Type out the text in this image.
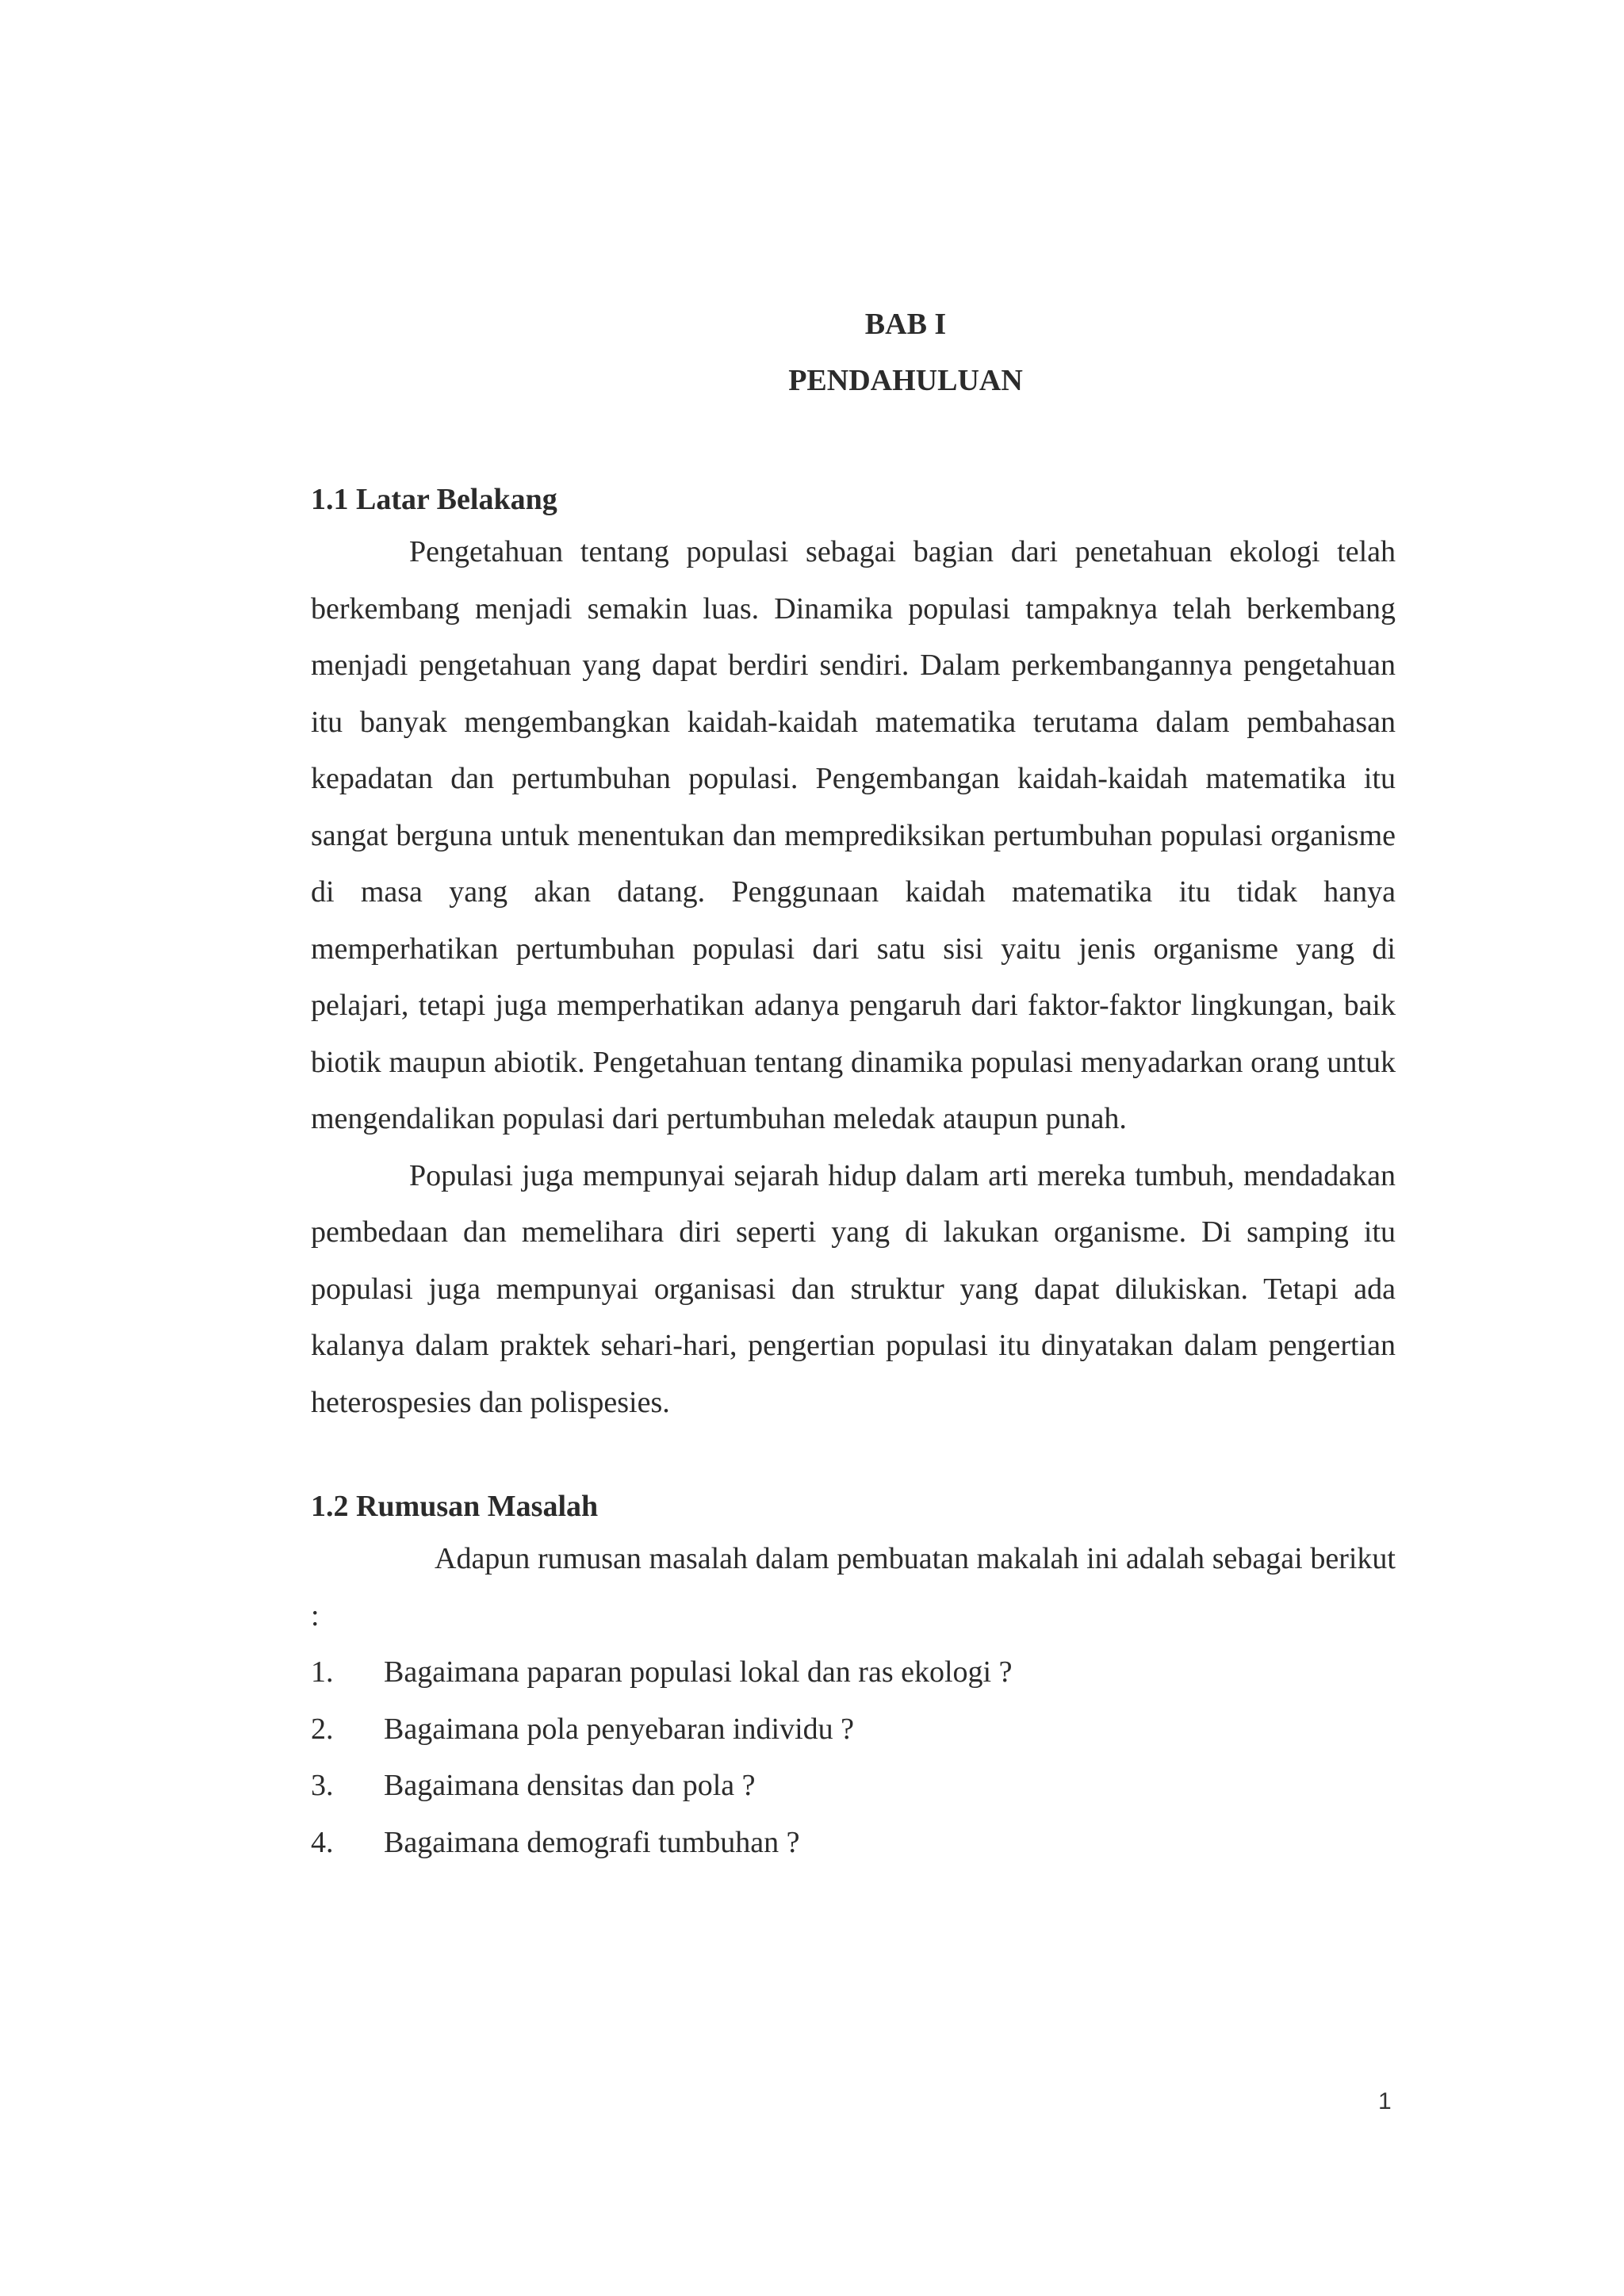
BAB I
PENDAHULUAN
1.1 Latar Belakang

Pengetahuan tentang populasi sebagai bagian dari penetahuan ekologi telah berkembang menjadi semakin luas. Dinamika populasi tampaknya telah berkembang menjadi pengetahuan yang dapat berdiri sendiri. Dalam perkembangannya pengetahuan itu banyak mengembangkan kaidah-kaidah matematika terutama dalam pembahasan kepadatan dan pertumbuhan populasi. Pengembangan kaidah-kaidah matematika itu sangat berguna untuk menentukan dan memprediksikan pertumbuhan populasi organisme di masa yang akan datang. Penggunaan kaidah matematika itu tidak hanya memperhatikan pertumbuhan populasi dari satu sisi yaitu jenis organisme yang di pelajari, tetapi juga memperhatikan adanya pengaruh dari faktor-faktor lingkungan, baik biotik maupun abiotik. Pengetahuan tentang dinamika populasi menyadarkan orang untuk mengendalikan populasi dari pertumbuhan meledak ataupun punah.

Populasi juga mempunyai sejarah hidup dalam arti mereka tumbuh, mendadakan pembedaan dan memelihara diri seperti yang di lakukan organisme. Di samping itu populasi juga mempunyai organisasi dan struktur yang dapat dilukiskan. Tetapi ada kalanya dalam praktek sehari-hari, pengertian populasi itu dinyatakan dalam pengertian heterospesies dan polispesies.

1.2 Rumusan Masalah

Adapun rumusan masalah dalam pembuatan makalah ini adalah sebagai berikut :

1.	Bagaimana paparan populasi lokal dan ras ekologi ?
2.	Bagaimana pola penyebaran individu ?
3.	Bagaimana densitas dan pola ?
4.	Bagaimana demografi tumbuhan ?
1
